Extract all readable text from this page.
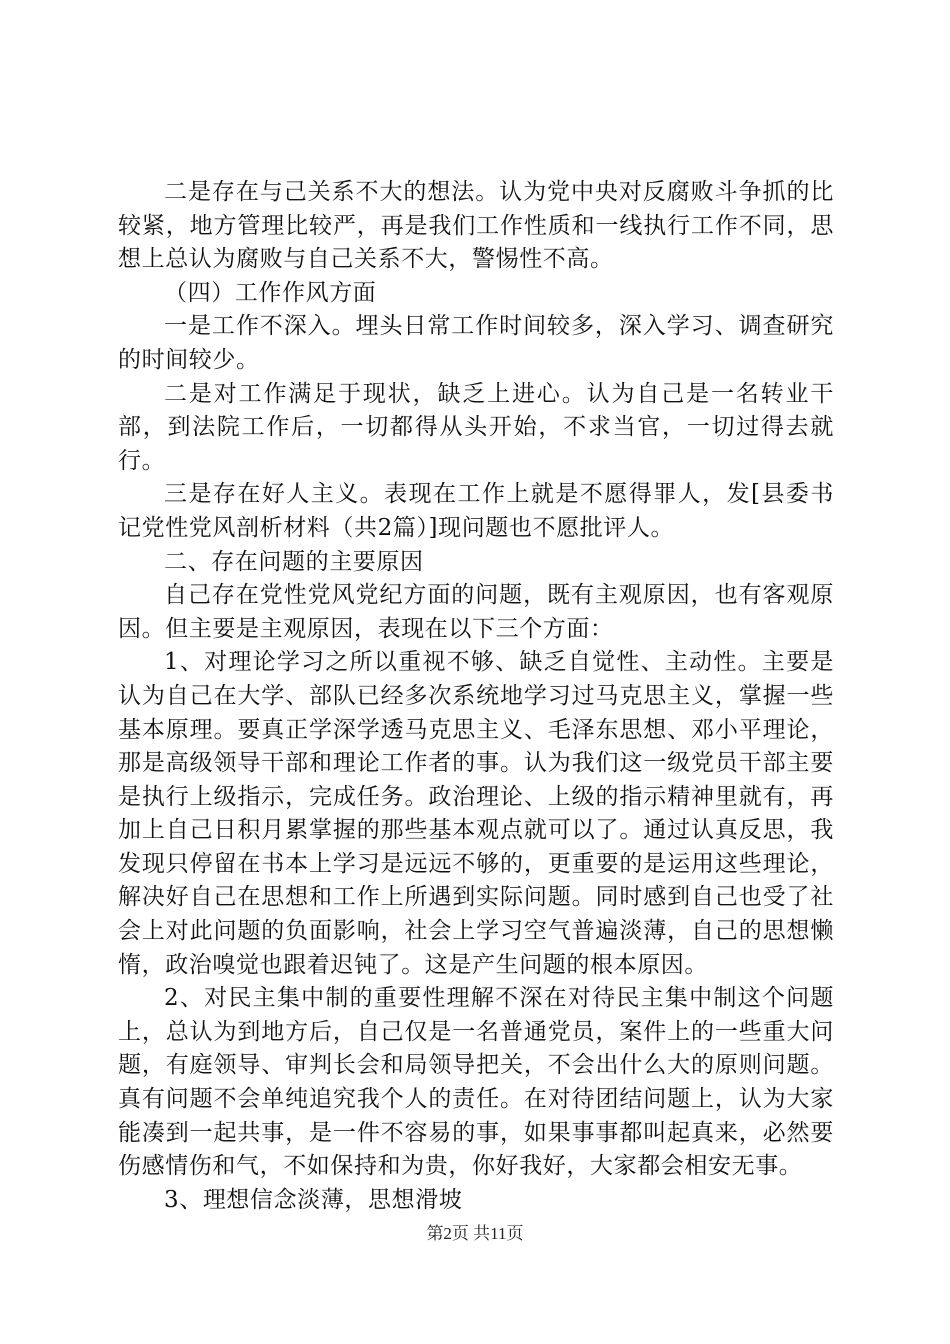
二是存在与己关系不大的想法。认为党中央对反腐败斗争抓的比较紧，地方管理比较严，再是我们工作性质和一线执行工作不同，思想上总认为腐败与自己关系不大，警惕性不高。

（四）工作作风方面

一是工作不深入。埋头日常工作时间较多，深入学习、调查研究的时间较少。

二是对工作满足于现状，缺乏上进心。认为自己是一名转业干部，到法院工作后，一切都得从头开始，不求当官，一切过得去就行。

三是存在好人主义。表现在工作上就是不愿得罪人，发[县委书记党性党风剖析材料（共2篇）]现问题也不愿批评人。

二、存在问题的主要原因

自己存在党性党风党纪方面的问题，既有主观原因，也有客观原因。但主要是主观原因，表现在以下三个方面：

1、对理论学习之所以重视不够、缺乏自觉性、主动性。主要是认为自己在大学、部队已经多次系统地学习过马克思主义，掌握一些基本原理。要真正学深学透马克思主义、毛泽东思想、邓小平理论，那是高级领导干部和理论工作者的事。认为我们这一级党员干部主要是执行上级指示，完成任务。政治理论、上级的指示精神里就有，再加上自己日积月累掌握的那些基本观点就可以了。通过认真反思，我发现只停留在书本上学习是远远不够的，更重要的是运用这些理论，解决好自己在思想和工作上所遇到实际问题。同时感到自己也受了社会上对此问题的负面影响，社会上学习空气普遍淡薄，自己的思想懒惰，政治嗅觉也跟着迟钝了。这是产生问题的根本原因。

2、对民主集中制的重要性理解不深在对待民主集中制这个问题上，总认为到地方后，自己仅是一名普通党员，案件上的一些重大问题，有庭领导、审判长会和局领导把关，不会出什么大的原则问题。真有问题不会单纯追究我个人的责任。在对待团结问题上，认为大家能凑到一起共事，是一件不容易的事，如果事事都叫起真来，必然要伤感情伤和气，不如保持和为贵，你好我好，大家都会相安无事。

3、理想信念淡薄，思想滑坡

第2页 共11页
